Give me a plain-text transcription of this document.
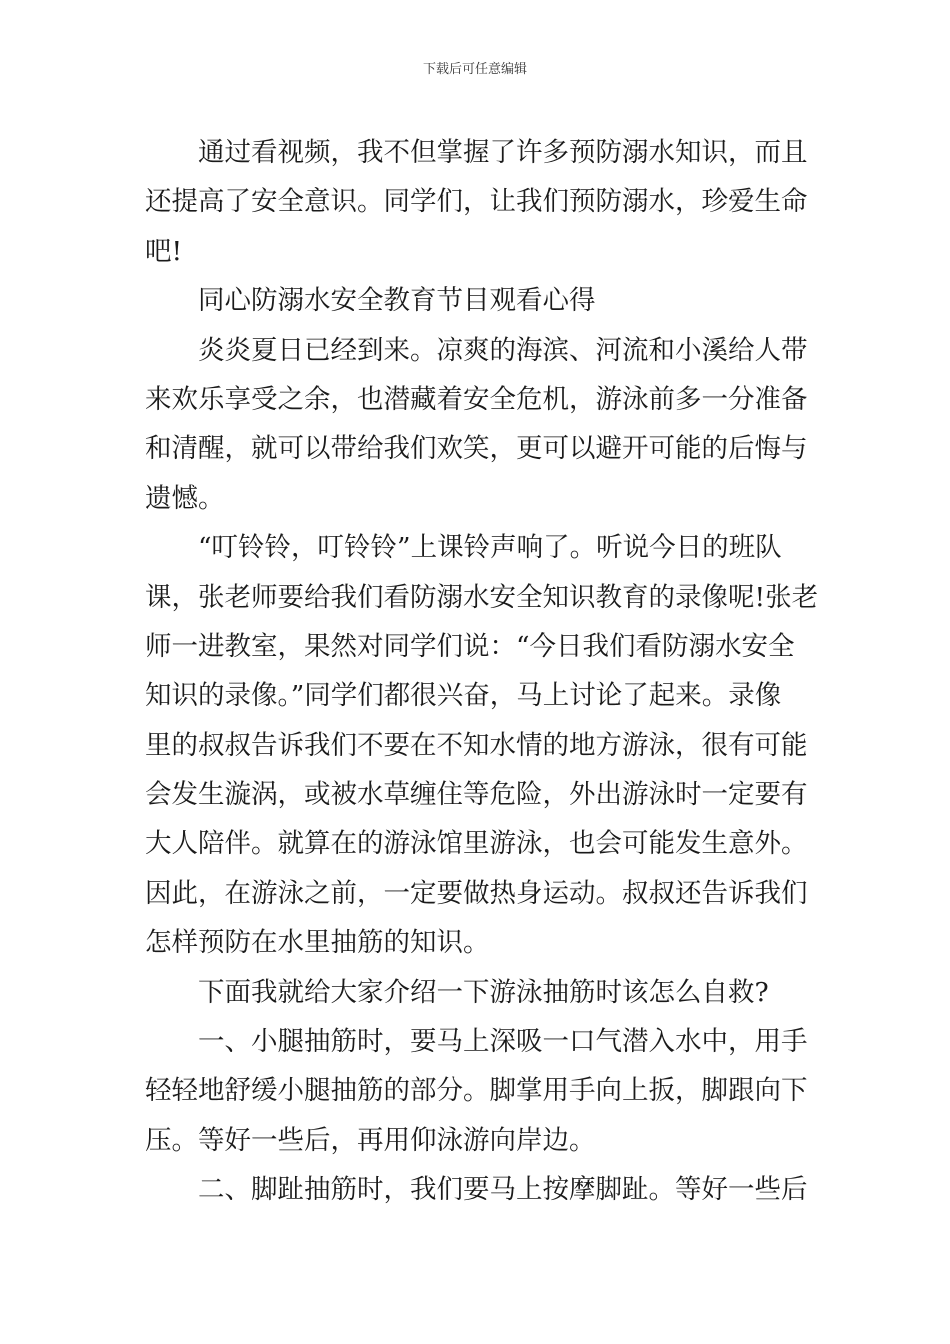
下载后可任意编辑
通过看视频，我不但掌握了许多预防溺水知识，而且
还提高了安全意识。同学们，让我们预防溺水，珍爱生命
吧!
同心防溺水安全教育节目观看心得
炎炎夏日已经到来。凉爽的海滨、河流和小溪给人带
来欢乐享受之余，也潜藏着安全危机，游泳前多一分准备
和清醒，就可以带给我们欢笑，更可以避开可能的后悔与
遗憾。
“叮铃铃，叮铃铃”上课铃声响了。听说今日的班队
课，张老师要给我们看防溺水安全知识教育的录像呢!张老
师一进教室，果然对同学们说：“今日我们看防溺水安全
知识的录像。”同学们都很兴奋，马上讨论了起来。录像
里的叔叔告诉我们不要在不知水情的地方游泳，很有可能
会发生漩涡，或被水草缠住等危险，外出游泳时一定要有
大人陪伴。就算在的游泳馆里游泳，也会可能发生意外。
因此，在游泳之前，一定要做热身运动。叔叔还告诉我们
怎样预防在水里抽筋的知识。
下面我就给大家介绍一下游泳抽筋时该怎么自救?
一、小腿抽筋时，要马上深吸一口气潜入水中，用手
轻轻地舒缓小腿抽筋的部分。脚掌用手向上扳，脚跟向下
压。等好一些后，再用仰泳游向岸边。
二、脚趾抽筋时，我们要马上按摩脚趾。等好一些后
